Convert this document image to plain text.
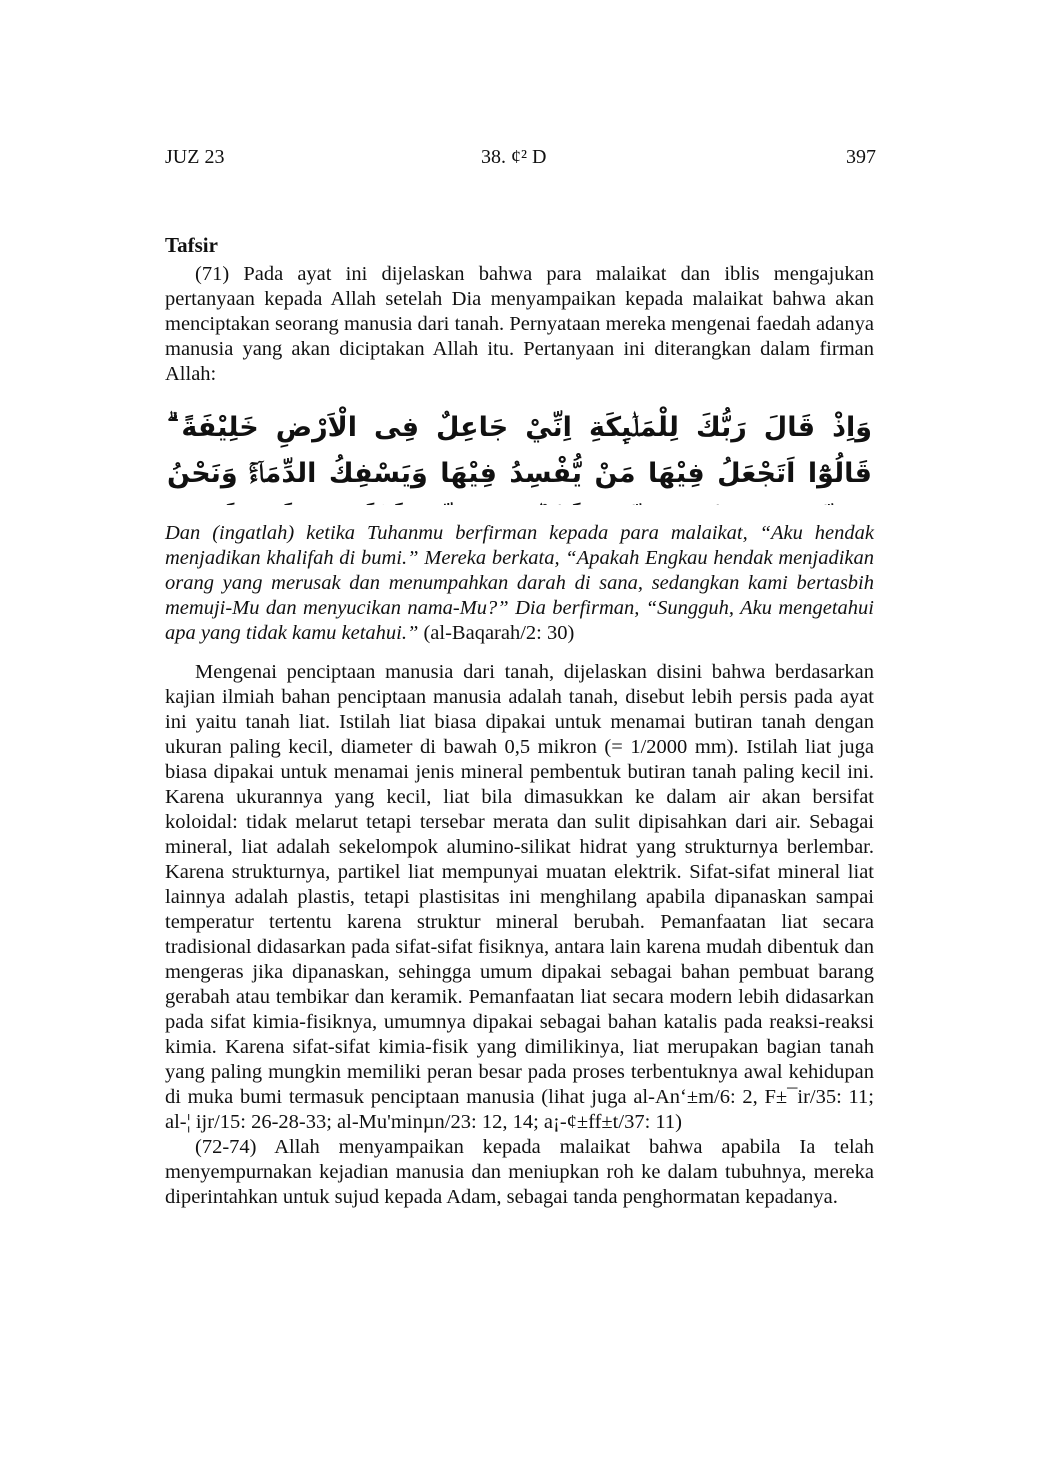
JUZ 23	38. ¢² D	397
Tafsir

(71) Pada ayat ini dijelaskan bahwa para malaikat dan iblis mengajukan pertanyaan kepada Allah setelah Dia menyampaikan kepada malaikat bahwa akan menciptakan seorang manusia dari tanah. Pernyataan mereka mengenai faedah adanya manusia yang akan diciptakan Allah itu. Pertanyaan ini diterangkan dalam firman Allah:

وَاِذْ قَالَ رَبُّكَ لِلْمَلٰۤىِٕكَةِ اِنِّيْ جَاعِلٌ فِى الْاَرْضِ خَلِيْفَةً ۗ قَالُوْٓا اَتَجْعَلُ فِيْهَا مَنْ يُّفْسِدُ فِيْهَا وَيَسْفِكُ الدِّمَاۤءَۚ وَنَحْنُ

Dan (ingatlah) ketika Tuhanmu berfirman kepada para malaikat, “Aku hendak menjadikan khalifah di bumi.” Mereka berkata, “Apakah Engkau hendak menjadikan orang yang merusak dan menumpahkan darah di sana, sedangkan kami bertasbih memuji-Mu dan menyucikan nama-Mu?” Dia berfirman, “Sungguh, Aku mengetahui apa yang tidak kamu ketahui.” (al-Baqarah/2: 30)

Mengenai penciptaan manusia dari tanah, dijelaskan disini bahwa berdasarkan kajian ilmiah bahan penciptaan manusia adalah tanah, disebut lebih persis pada ayat ini yaitu tanah liat. Istilah liat biasa dipakai untuk menamai butiran tanah dengan ukuran paling kecil, diameter di bawah 0,5 mikron (= 1/2000 mm). Istilah liat juga biasa dipakai untuk menamai jenis mineral pembentuk butiran tanah paling kecil ini. Karena ukurannya yang kecil, liat bila dimasukkan ke dalam air akan bersifat koloidal: tidak melarut tetapi tersebar merata dan sulit dipisahkan dari air. Sebagai mineral, liat adalah sekelompok alumino-silikat hidrat yang strukturnya berlembar. Karena strukturnya, partikel liat mempunyai muatan elektrik. Sifat-sifat mineral liat lainnya adalah plastis, tetapi plastisitas ini menghilang apabila dipanaskan sampai temperatur tertentu karena struktur mineral berubah. Pemanfaatan liat secara tradisional didasarkan pada sifat-sifat fisiknya, antara lain karena mudah dibentuk dan mengeras jika dipanaskan, sehingga umum dipakai sebagai bahan pembuat barang gerabah atau tembikar dan keramik. Pemanfaatan liat secara modern lebih didasarkan pada sifat kimia-fisiknya, umumnya dipakai sebagai bahan katalis pada reaksi-reaksi kimia. Karena sifat-sifat kimia-fisik yang dimilikinya, liat merupakan bagian tanah yang paling mungkin memiliki peran besar pada proses terbentuknya awal kehidupan di muka bumi termasuk penciptaan manusia (lihat juga al-An‘±m/6: 2, F±¯ir/35: 11; al-¦ ijr/15: 26-28-33; al-Mu'minµn/23: 12, 14; a¡-¢±ff±t/37: 11)

(72-74) Allah menyampaikan kepada malaikat bahwa apabila Ia telah menyempurnakan kejadian manusia dan meniupkan roh ke dalam tubuhnya, mereka diperintahkan untuk sujud kepada Adam, sebagai tanda penghormatan kepadanya.
